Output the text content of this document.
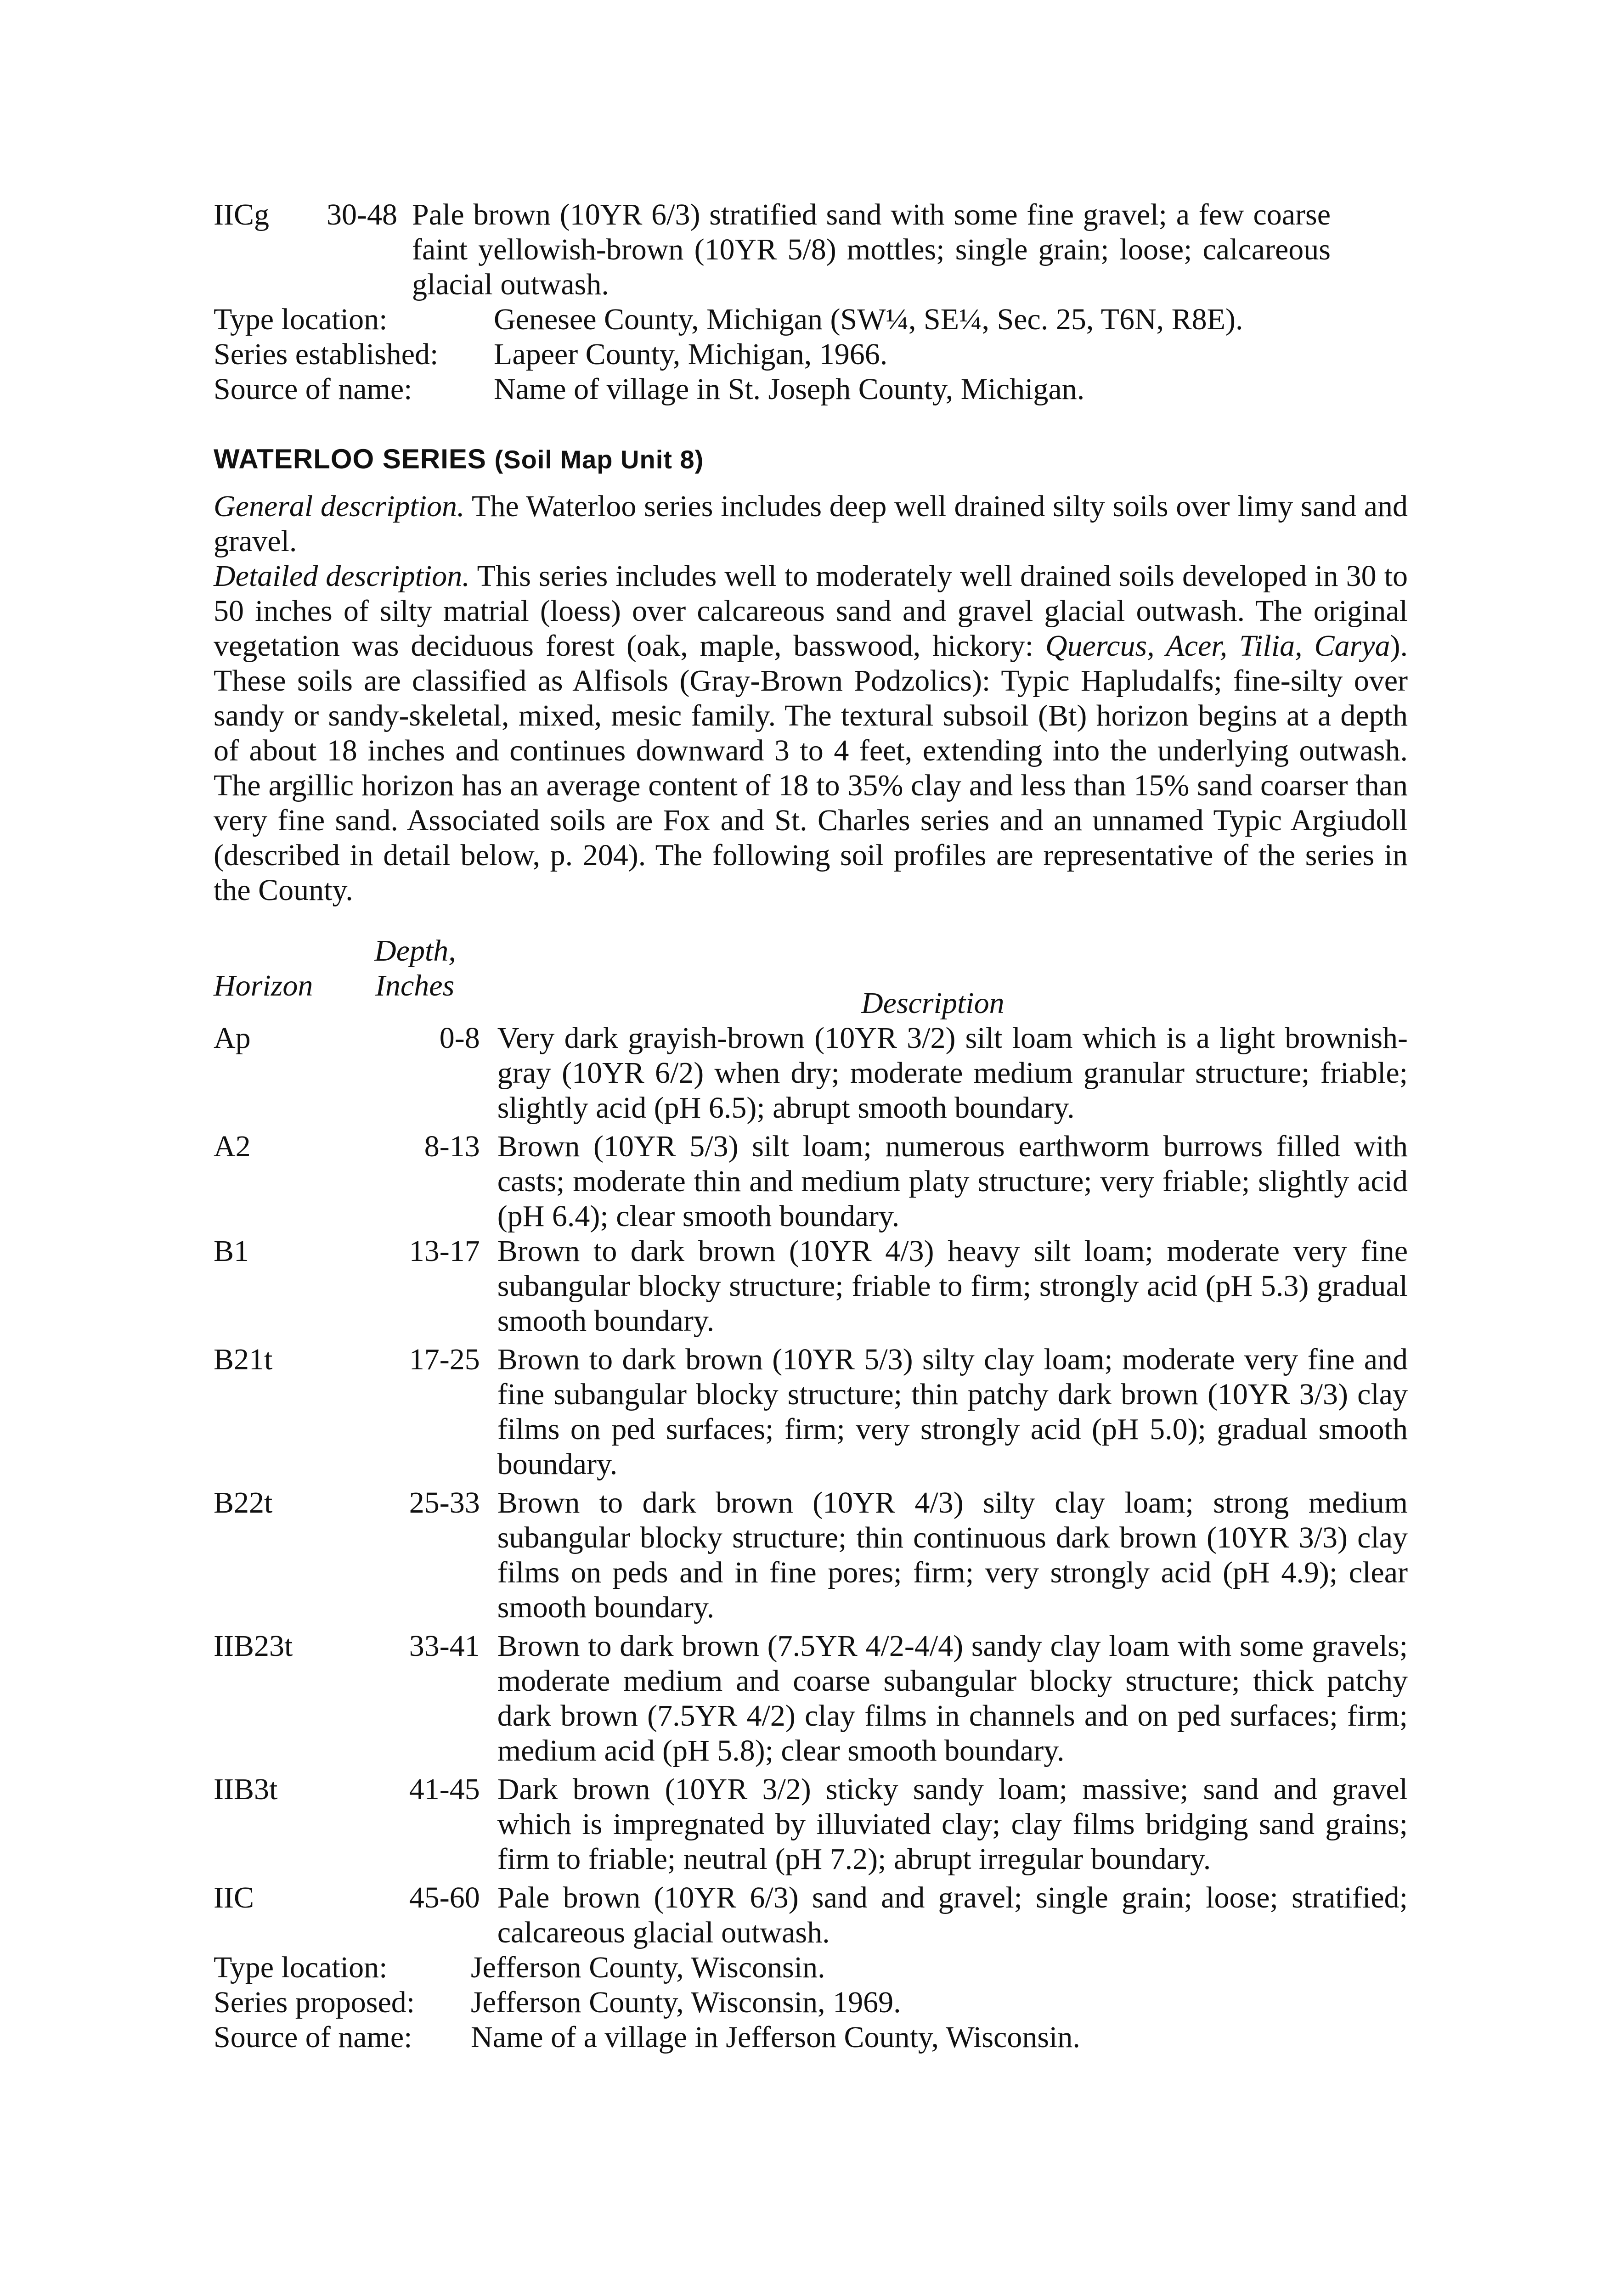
IICg	30-48 Pale brown (10YR 6/3) stratified sand with some fine gravel; a few coarse faint yellowish-brown (10YR 5/8) mottles; single grain; loose; calcareous glacial outwash.
Type location:	Genesee County, Michigan (SW¼, SE¼, Sec. 25, T6N, R8E).
Series established:	Lapeer County, Michigan, 1966.
Source of name:	Name of village in St. Joseph County, Michigan.
WATERLOO SERIES (Soil Map Unit 8)
General description. The Waterloo series includes deep well drained silty soils over limy sand and gravel.
Detailed description. This series includes well to moderately well drained soils developed in 30 to 50 inches of silty matrial (loess) over calcareous sand and gravel glacial outwash. The original vegetation was deciduous forest (oak, maple, basswood, hickory: Quercus, Acer, Tilia, Carya). These soils are classified as Alfisols (Gray-Brown Podzolics): Typic Hapludalfs; fine-silty over sandy or sandy-skeletal, mixed, mesic family. The textural subsoil (Bt) horizon begins at a depth of about 18 inches and continues downward 3 to 4 feet, extending into the underlying outwash. The argillic horizon has an average content of 18 to 35% clay and less than 15% sand coarser than very fine sand. Associated soils are Fox and St. Charles series and an unnamed Typic Argiudoll (described in detail below, p. 204). The following soil profiles are representative of the series in the County.
Depth,
Horizon Inches
Description
Ap	0-8 Very dark grayish-brown (10YR 3/2) silt loam which is a light brownish-gray (10YR 6/2) when dry; moderate medium granular structure; friable; slightly acid (pH 6.5); abrupt smooth boundary.
A2	8-13 Brown (10YR 5/3) silt loam; numerous earthworm burrows filled with casts; moderate thin and medium platy structure; very friable; slightly acid (pH 6.4); clear smooth boundary.
B1	13-17 Brown to dark brown (10YR 4/3) heavy silt loam; moderate very fine subangular blocky structure; friable to firm; strongly acid (pH 5.3) gradual smooth boundary.
B21t	17-25 Brown to dark brown (10YR 5/3) silty clay loam; moderate very fine and fine subangular blocky structure; thin patchy dark brown (10YR 3/3) clay films on ped surfaces; firm; very strongly acid (pH 5.0); gradual smooth boundary.
B22t	25-33 Brown to dark brown (10YR 4/3) silty clay loam; strong medium subangular blocky structure; thin continuous dark brown (10YR 3/3) clay films on peds and in fine pores; firm; very strongly acid (pH 4.9); clear smooth boundary.
IIB23t	33-41 Brown to dark brown (7.5YR 4/2-4/4) sandy clay loam with some gravels; moderate medium and coarse subangular blocky structure; thick patchy dark brown (7.5YR 4/2) clay films in channels and on ped surfaces; firm; medium acid (pH 5.8); clear smooth boundary.
IIB3t	41-45 Dark brown (10YR 3/2) sticky sandy loam; massive; sand and gravel which is impregnated by illuviated clay; clay films bridging sand grains; firm to friable; neutral (pH 7.2); abrupt irregular boundary.
IIC	45-60 Pale brown (10YR 6/3) sand and gravel; single grain; loose; stratified; calcareous glacial outwash.
Type location:	Jefferson County, Wisconsin.
Series proposed:	Jefferson County, Wisconsin, 1969.
Source of name:	Name of a village in Jefferson County, Wisconsin.
